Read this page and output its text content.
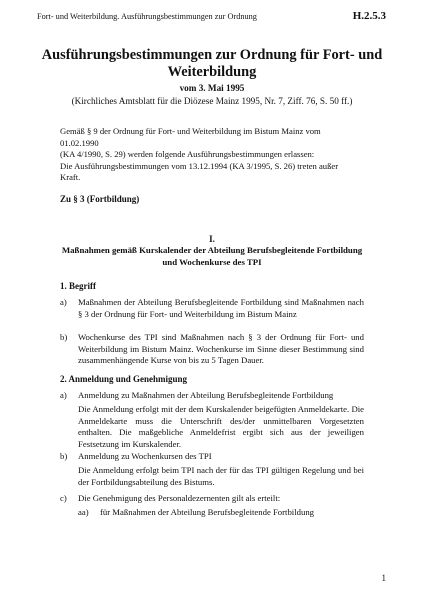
Fort- und Weiterbildung. Ausführungsbestimmungen zur Ordnung	H.2.5.3
Ausführungsbestimmungen zur Ordnung für Fort- und
Weiterbildung
vom 3. Mai 1995
(Kirchliches Amtsblatt für die Diözese Mainz 1995, Nr. 7, Ziff. 76, S. 50 ff.)
Gemäß § 9 der Ordnung für Fort- und Weiterbildung im Bistum Mainz vom 01.02.1990
(KA 4/1990, S. 29) werden folgende Ausführungsbestimmungen erlassen:
Die Ausführungsbestimmungen vom 13.12.1994 (KA 3/1995, S. 26) treten außer Kraft.
Zu § 3 (Fortbildung)
I.
Maßnahmen gemäß Kurskalender der Abteilung Berufsbegleitende Fortbildung
und Wochenkurse des TPI
1. Begriff
a) Maßnahmen der Abteilung Berufsbegleitende Fortbildung sind Maßnahmen nach § 3 der Ordnung für Fort- und Weiterbildung im Bistum Mainz
b) Wochenkurse des TPI sind Maßnahmen nach § 3 der Ordnung für Fort- und Weiterbildung im Bistum Mainz. Wochenkurse im Sinne dieser Bestimmung sind zusammenhängende Kurse von bis zu 5 Tagen Dauer.
2. Anmeldung und Genehmigung
a) Anmeldung zu Maßnahmen der Abteilung Berufsbegleitende Fortbildung
Die Anmeldung erfolgt mit der dem Kurskalender beigefügten Anmeldekarte. Die Anmeldekarte muss die Unterschrift des/der unmittelbaren Vorgesetzten enthalten. Die maßgebliche Anmeldefrist ergibt sich aus der jeweiligen Festsetzung im Kurskalender.
b) Anmeldung zu Wochenkursen des TPI
Die Anmeldung erfolgt beim TPI nach der für das TPI gültigen Regelung und bei der Fortbildungsabteilung des Bistums.
c) Die Genehmigung des Personaldezernenten gilt als erteilt:
aa) für Maßnahmen der Abteilung Berufsbegleitende Fortbildung
1
